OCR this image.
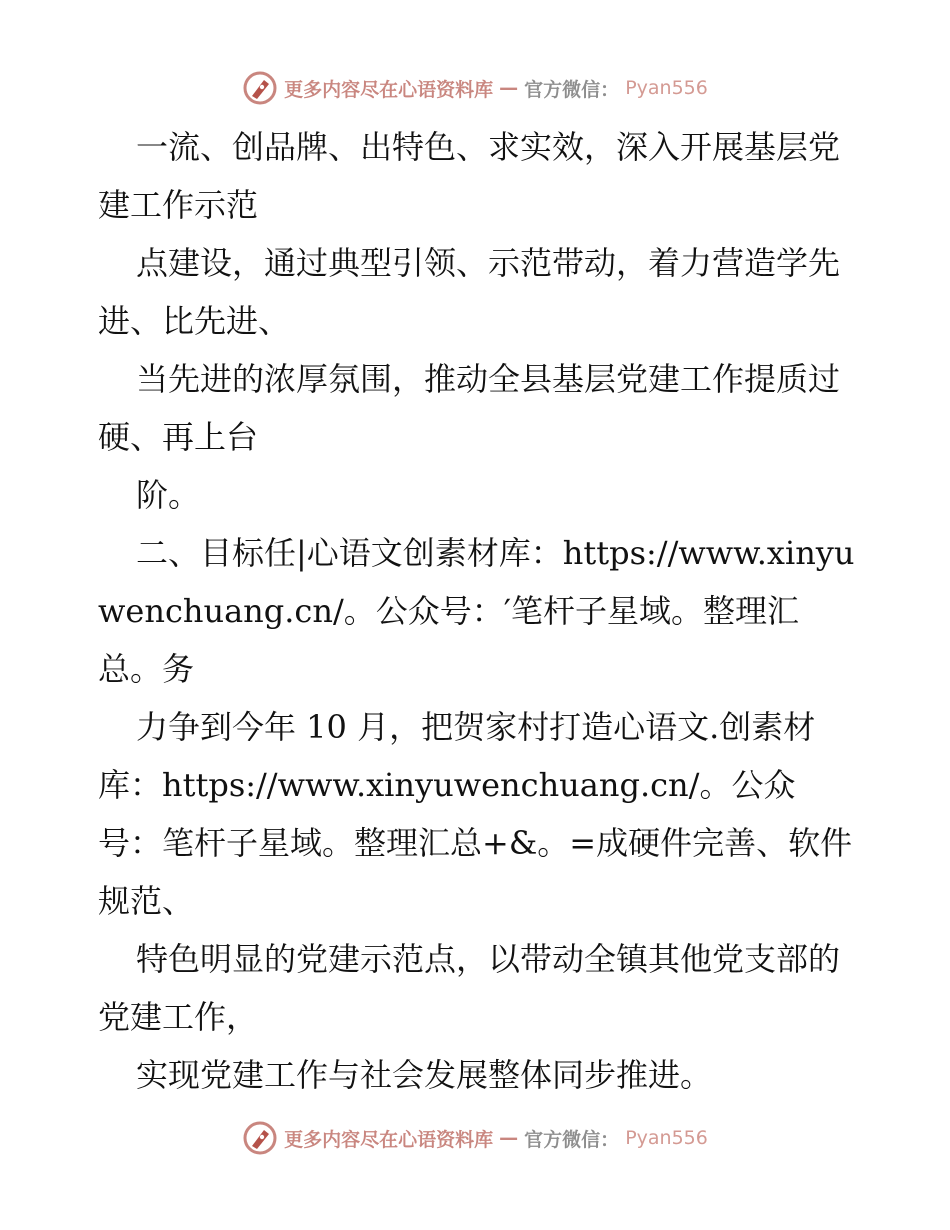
更多内容尽在心语资料库 — 官方微信： Pyan556

一流、创品牌、出特色、求实效，深入开展基层党建工作示范

点建设，通过典型引领、示范带动，着力营造学先进、比先进、

当先进的浓厚氛围，推动全县基层党建工作提质过硬、再上台

阶。

二、目标任|心语文创素材库：https://www.xinyuwenchuang.cn/。公众号：′笔杆子星域。整理汇总。务

力争到今年 10 月，把贺家村打造心语文.创素材库：https://www.xinyuwenchuang.cn/。公众号：笔杆子星域。整理汇总+&。=成硬件完善、软件规范、

特色明显的党建示范点，以带动全镇其他党支部的党建工作，

实现党建工作与社会发展整体同步推进。

更多内容尽在心语资料库 — 官方微信： Pyan556
